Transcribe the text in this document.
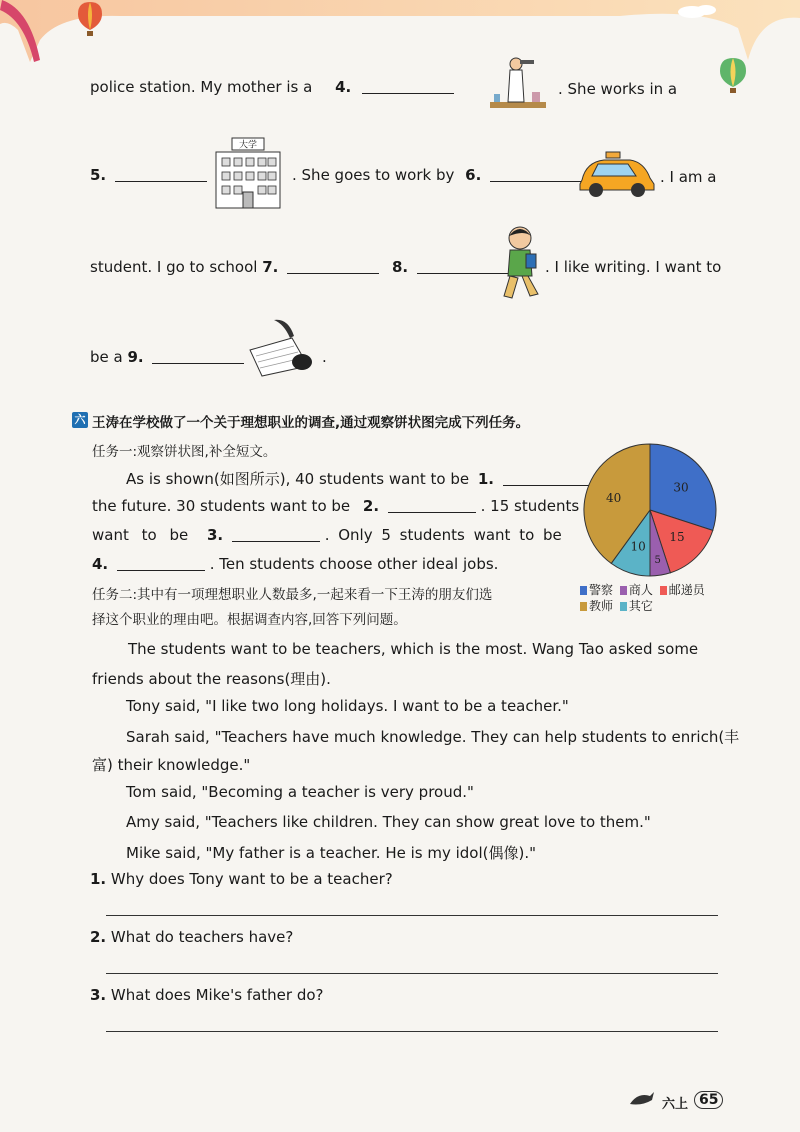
police station. My mother is a 4.	. She works in a
5.
大学
. She goes to work by 6.	. I am a
student. I go to school 7.	8.	. I like writing. I want to
be a 9.	.
六 王涛在学校做了一个关于理想职业的调查,通过观察饼状图完成下列任务。
任务一:观察饼状图,补全短文。
As is shown(如图所示), 40 students want to be 1.
the future. 30 students want to be 2.	. 15 students
want to be 3.	. Only 5 students want to be
4.	. Ten students choose other ideal jobs.
30
15
5
10
40
警察 商人 邮递员
教师 其它
任务二:其中有一项理想职业人数最多,一起来看一下王涛的朋友们选
择这个职业的理由吧。根据调查内容,回答下列问题。
The students want to be teachers, which is the most. Wang Tao asked some
friends about the reasons(理由).
Tony said, "I like two long holidays. I want to be a teacher."
Sarah said, "Teachers have much knowledge. They can help students to enrich(丰
富) their knowledge."
Tom said, "Becoming a teacher is very proud."
Amy said, "Teachers like children. They can show great love to them."
Mike said, "My father is a teacher. He is my idol(偶像)."
1. Why does Tony want to be a teacher?
2. What do teachers have?
3. What does Mike's father do?
六上 65
